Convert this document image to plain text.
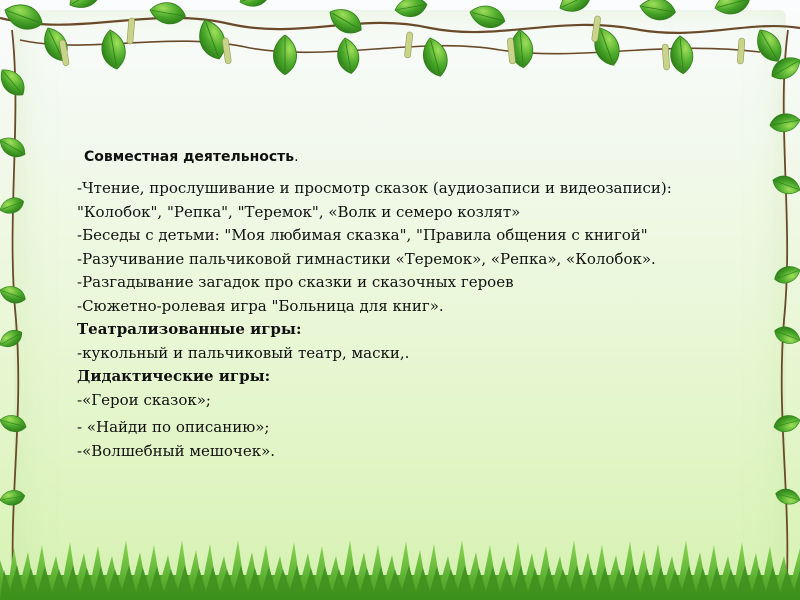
Совместная деятельность.
-Чтение, прослушивание и просмотр сказок (аудиозаписи и видеозаписи):
"Колобок", "Репка", "Теремок", «Волк и семеро козлят»
-Беседы с детьми: "Моя любимая сказка", "Правила общения с книгой"
-Разучивание пальчиковой гимнастики «Теремок», «Репка», «Колобок».
-Разгадывание загадок про сказки и сказочных героев
-Сюжетно-ролевая игра "Больница для книг».
Театрализованные игры:
-кукольный и пальчиковый театр, маски,.
Дидактические игры:
-«Герои сказок»;
- «Найди по описанию»;
-«Волшебный мешочек».
